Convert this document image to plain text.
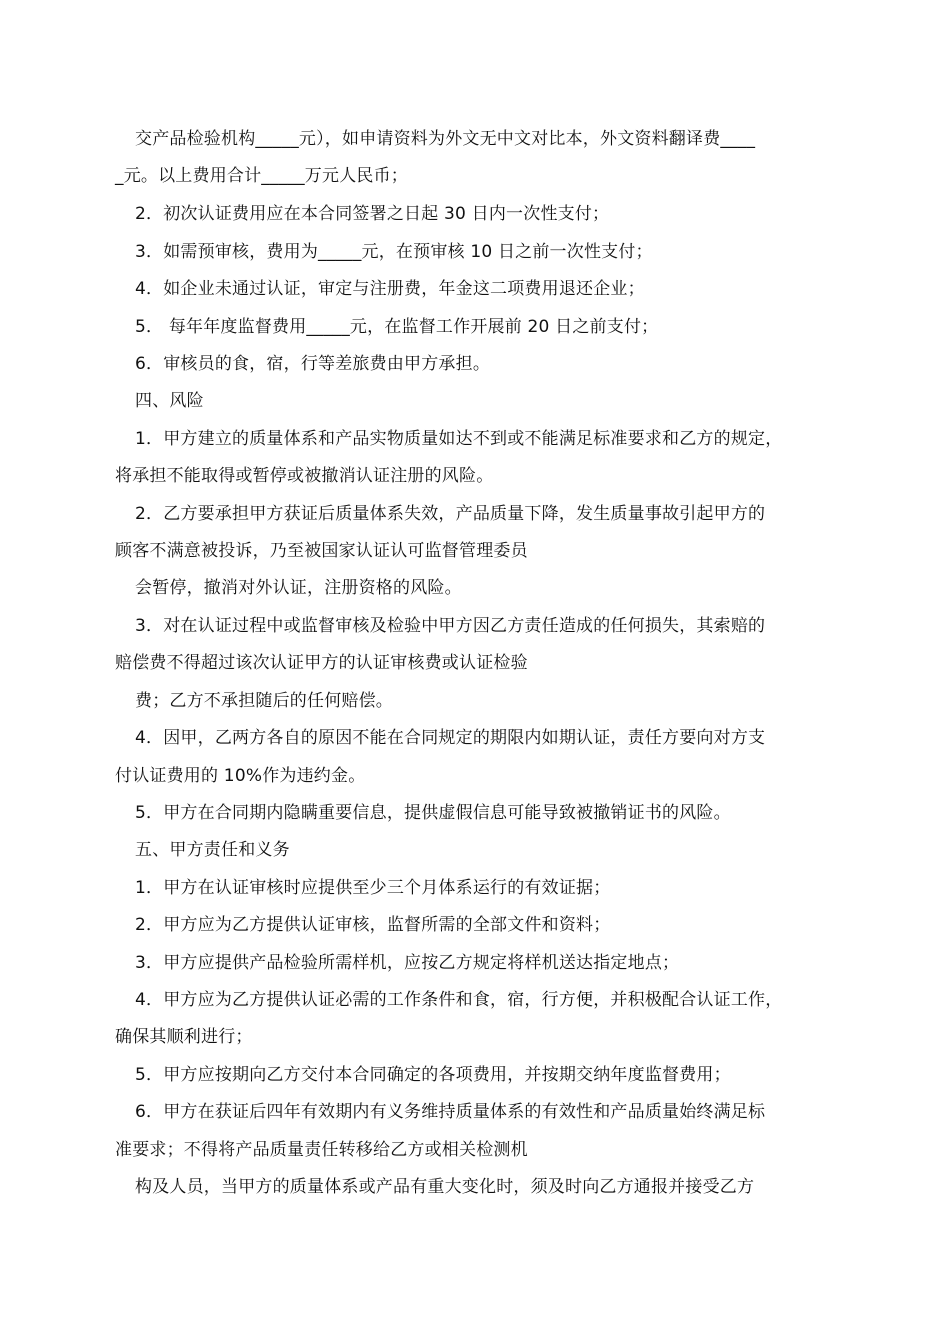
交产品检验机构_____元），如申请资料为外文无中文对比本，外文资料翻译费____
_元。以上费用合计_____万元人民币；
2．初次认证费用应在本合同签署之日起 30 日内一次性支付；
3．如需预审核，费用为_____元，在预审核 10 日之前一次性支付；
4．如企业未通过认证，审定与注册费，年金这二项费用退还企业；
5． 每年年度监督费用_____元，在监督工作开展前 20 日之前支付；
6．审核员的食，宿，行等差旅费由甲方承担。
四、风险
1．甲方建立的质量体系和产品实物质量如达不到或不能满足标准要求和乙方的规定，
将承担不能取得或暂停或被撤消认证注册的风险。
2．乙方要承担甲方获证后质量体系失效，产品质量下降，发生质量事故引起甲方的
顾客不满意被投诉，乃至被国家认证认可监督管理委员
会暂停，撤消对外认证，注册资格的风险。
3．对在认证过程中或监督审核及检验中甲方因乙方责任造成的任何损失，其索赔的
赔偿费不得超过该次认证甲方的认证审核费或认证检验
费；乙方不承担随后的任何赔偿。
4．因甲，乙两方各自的原因不能在合同规定的期限内如期认证，责任方要向对方支
付认证费用的 10%作为违约金。
5．甲方在合同期内隐瞒重要信息，提供虚假信息可能导致被撤销证书的风险。
五、甲方责任和义务
1．甲方在认证审核时应提供至少三个月体系运行的有效证据；
2．甲方应为乙方提供认证审核，监督所需的全部文件和资料；
3．甲方应提供产品检验所需样机，应按乙方规定将样机送达指定地点；
4．甲方应为乙方提供认证必需的工作条件和食，宿，行方便，并积极配合认证工作，
确保其顺利进行；
5．甲方应按期向乙方交付本合同确定的各项费用，并按期交纳年度监督费用；
6．甲方在获证后四年有效期内有义务维持质量体系的有效性和产品质量始终满足标
准要求；不得将产品质量责任转移给乙方或相关检测机
构及人员，当甲方的质量体系或产品有重大变化时，须及时向乙方通报并接受乙方
